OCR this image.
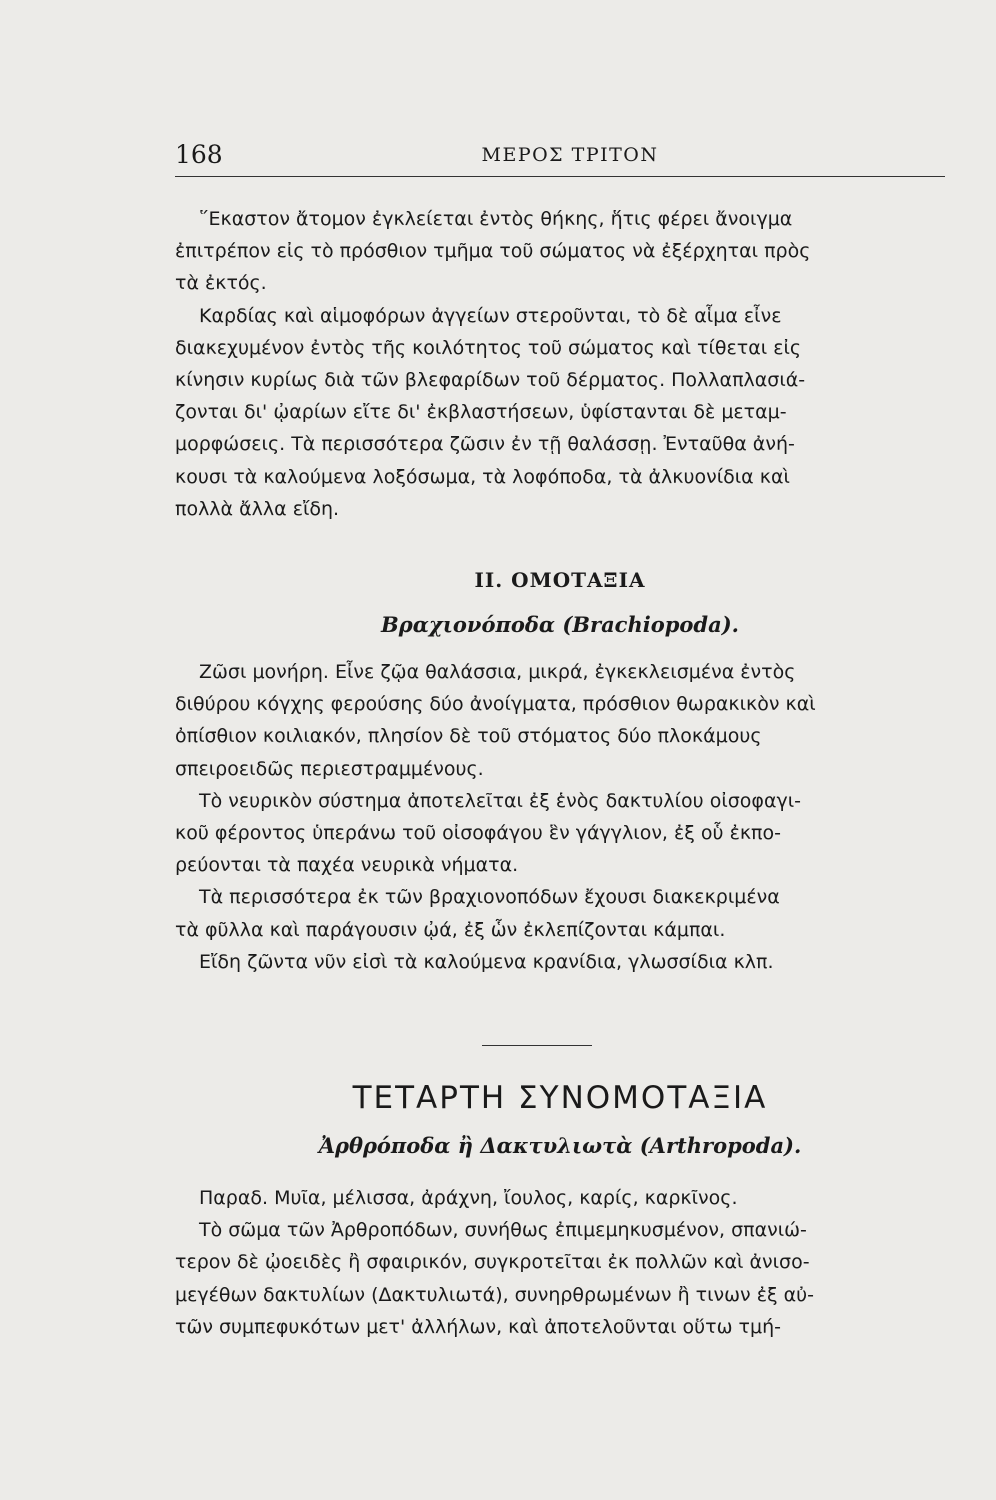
168	ΜΕΡΟΣ ΤΡΙΤΟΝ
῞Εκαστον ἄτομον ἐγκλείεται ἐντὸς θήκης, ἥτις φέρει ἄνοιγμα
ἐπιτρέπον εἰς τὸ πρόσθιον τμῆμα τοῦ σώματος νὰ ἐξέρχηται πρὸς
τὰ ἐκτός.
Καρδίας καὶ αἱμοφόρων ἀγγείων στεροῦνται, τὸ δὲ αἷμα εἶνε
διακεχυμένον ἐντὸς τῆς κοιλότητος τοῦ σώματος καὶ τίθεται εἰς
κίνησιν κυρίως διὰ τῶν βλεφαρίδων τοῦ δέρματος. Πολλαπλασιά-
ζονται δι' ᾠαρίων εἴτε δι' ἐκβλαστήσεων, ὑφίστανται δὲ μεταμ-
μορφώσεις. Τὰ περισσότερα ζῶσιν ἐν τῇ θαλάσσῃ. Ἐνταῦθα ἀνή-
κουσι τὰ καλούμενα λοξόσωμα, τὰ λοφόποδα, τὰ ἀλκυονίδια καὶ
πολλὰ ἄλλα εἴδη.
II. ΟΜΟΤΑΞΙΑ
Βραχιονόποδα (Brachiopoda).
Ζῶσι μονήρη. Εἶνε ζῷα θαλάσσια, μικρά, ἐγκεκλεισμένα ἐντὸς
διθύρου κόγχης φερούσης δύο ἀνοίγματα, πρόσθιον θωρακικὸν καὶ
ὀπίσθιον κοιλιακόν, πλησίον δὲ τοῦ στόματος δύο πλοκάμους
σπειροειδῶς περιεστραμμένους.
Τὸ νευρικὸν σύστημα ἀποτελεῖται ἐξ ἑνὸς δακτυλίου οἰσοφαγι-
κοῦ φέροντος ὑπεράνω τοῦ οἰσοφάγου ἓν γάγγλιον, ἐξ οὗ ἐκπο-
ρεύονται τὰ παχέα νευρικὰ νήματα.
Τὰ περισσότερα ἐκ τῶν βραχιονοπόδων ἔχουσι διακεκριμένα
τὰ φῦλλα καὶ παράγουσιν ᾠά, ἐξ ὧν ἐκλεπίζονται κάμπαι.
Εἴδη ζῶντα νῦν εἰσὶ τὰ καλούμενα κρανίδια, γλωσσίδια κλπ.
ΤΕΤΑΡΤΗ ΣΥΝΟΜΟΤΑΞΙΑ
Ἀρθρόποδα ἢ Δακτυλιωτὰ (Arthropoda).
Παραδ. Μυῖα, μέλισσα, ἀράχνη, ἴουλος, καρίς, καρκῖνος.
Τὸ σῶμα τῶν Ἀρθροπόδων, συνήθως ἐπιμεμηκυσμένον, σπανιώ-
τερον δὲ ᾠοειδὲς ἢ σφαιρικόν, συγκροτεῖται ἐκ πολλῶν καὶ ἀνισο-
μεγέθων δακτυλίων (Δακτυλιωτά), συνηρθρωμένων ἢ τινων ἐξ αὐ-
τῶν συμπεφυκότων μετ' ἀλλήλων, καὶ ἀποτελοῦνται οὕτω τμή-
